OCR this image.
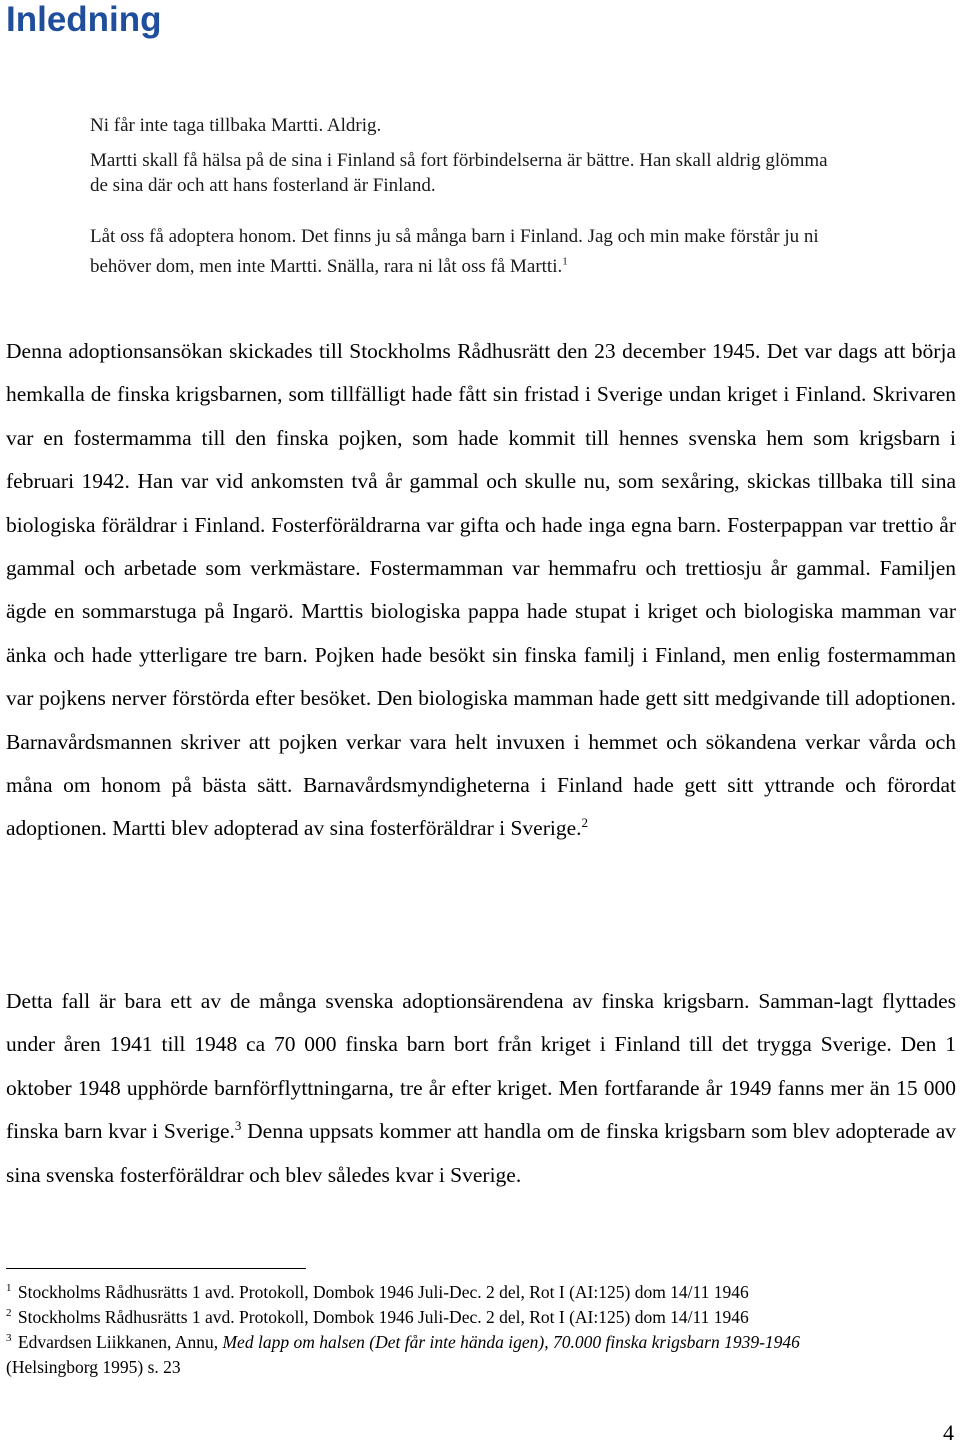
Inledning

Ni får inte taga tillbaka Martti. Aldrig.

Martti skall få hälsa på de sina i Finland så fort förbindelserna är bättre. Han skall aldrig glömma de sina där och att hans fosterland är Finland.

Låt oss få adoptera honom. Det finns ju så många barn i Finland. Jag och min make förstår ju ni behöver dom, men inte Martti. Snälla, rara ni låt oss få Martti.$^1$

Denna adoptionsansökan skickades till Stockholms Rådhusrätt den 23 december 1945. Det var dags att börja hemkalla de finska krigsbarnen, som tillfälligt hade fått sin fristad i Sverige undan kriget i Finland. Skrivaren var en fostermamma till den finska pojken, som hade kommit till hennes svenska hem som krigsbarn i februari 1942. Han var vid ankomsten två år gammal och skulle nu, som sexåring, skickas tillbaka till sina biologiska föräldrar i Finland. Fosterföräldrarna var gifta och hade inga egna barn. Fosterpappan var trettio år gammal och arbetade som verkmästare. Fostermamman var hemmafru och trettiosju år gammal. Familjen ägde en sommarstuga på Ingarö. Marttis biologiska pappa hade stupat i kriget och biologiska mamman var änka och hade ytterligare tre barn. Pojken hade besökt sin finska familj i Finland, men enlig fostermamman var pojkens nerver förstörda efter besöket. Den biologiska mamman hade gett sitt medgivande till adoptionen. Barnavårdsmannen skriver att pojken verkar vara helt invuxen i hemmet och sökandena verkar vårda och måna om honom på bästa sätt. Barnavårdsmyndigheterna i Finland hade gett sitt yttrande och förordat adoptionen. Martti blev adopterad av sina fosterföräldrar i Sverige.$^2$

Detta fall är bara ett av de många svenska adoptionsärendena av finska krigsbarn. Samman-lagt flyttades under åren 1941 till 1948 ca 70 000 finska barn bort från kriget i Finland till det trygga Sverige. Den 1 oktober 1948 upphörde barnförflyttningarna, tre år efter kriget. Men fortfarande år 1949 fanns mer än 15 000 finska barn kvar i Sverige.$^3$ Denna uppsats kommer att handla om de finska krigsbarn som blev adopterade av sina svenska fosterföräldrar och blev således kvar i Sverige.

$^1$ Stockholms Rådhusrätts 1 avd. Protokoll, Dombok 1946 Juli-Dec. 2 del, Rot I (AI:125) dom 14/11 1946

$^2$ Stockholms Rådhusrätts 1 avd. Protokoll, Dombok 1946 Juli-Dec. 2 del, Rot I (AI:125) dom 14/11 1946

$^3$ Edvardsen Liikkanen, Annu, Med lapp om halsen (Det får inte hända igen), 70.000 finska krigsbarn 1939-1946

(Helsingborg 1995) s. 23

4
